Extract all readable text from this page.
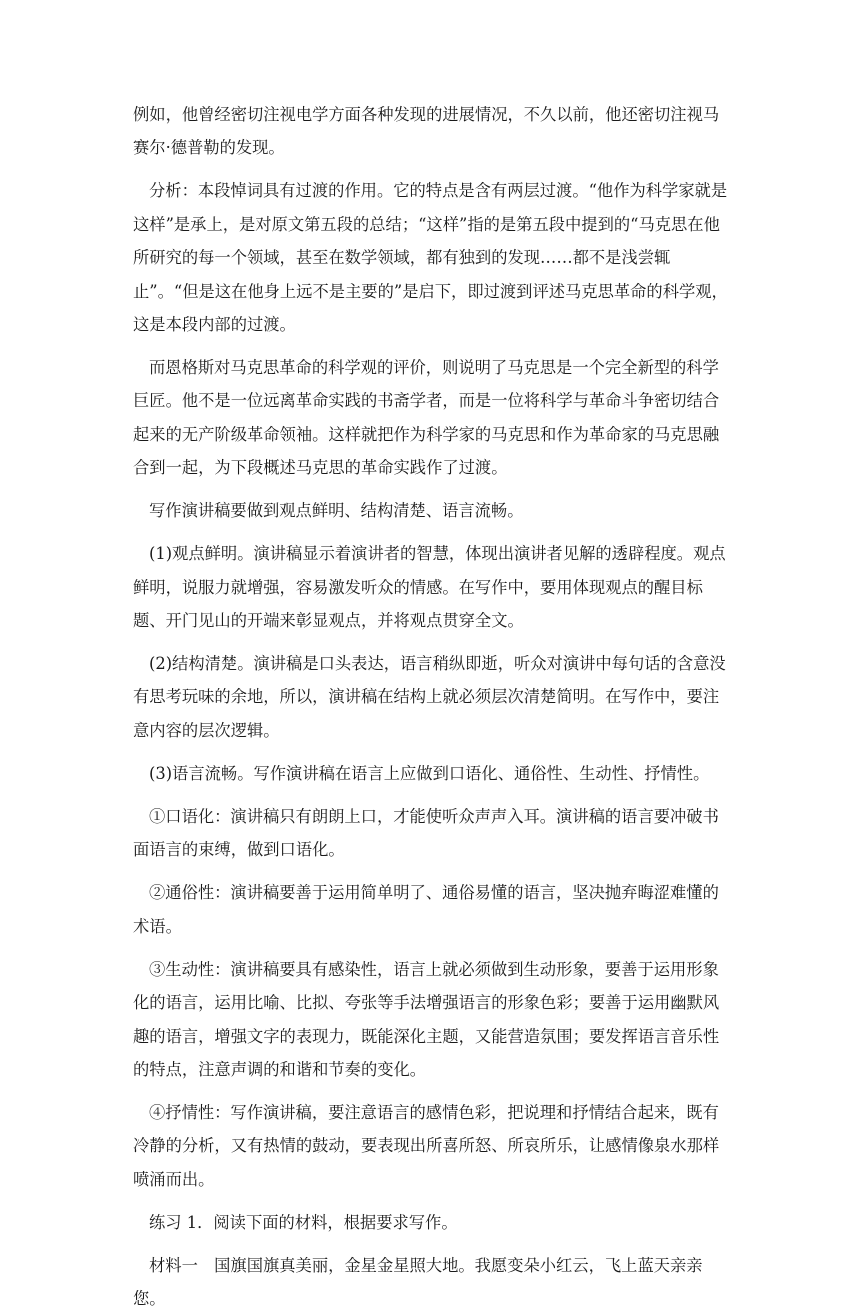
例如，他曾经密切注视电学方面各种发现的进展情况，不久以前，他还密切注视马赛尔·德普勒的发现。

分析：本段悼词具有过渡的作用。它的特点是含有两层过渡。“他作为科学家就是这样”是承上，是对原文第五段的总结；“这样”指的是第五段中提到的“马克思在他所研究的每一个领域，甚至在数学领域，都有独到的发现……都不是浅尝辄止”。“但是这在他身上远不是主要的”是启下，即过渡到评述马克思革命的科学观，这是本段内部的过渡。

而恩格斯对马克思革命的科学观的评价，则说明了马克思是一个完全新型的科学巨匠。他不是一位远离革命实践的书斋学者，而是一位将科学与革命斗争密切结合起来的无产阶级革命领袖。这样就把作为科学家的马克思和作为革命家的马克思融合到一起，为下段概述马克思的革命实践作了过渡。

写作演讲稿要做到观点鲜明、结构清楚、语言流畅。

(1)观点鲜明。演讲稿显示着演讲者的智慧，体现出演讲者见解的透辟程度。观点鲜明，说服力就增强，容易激发听众的情感。在写作中，要用体现观点的醒目标题、开门见山的开端来彰显观点，并将观点贯穿全文。

(2)结构清楚。演讲稿是口头表达，语言稍纵即逝，听众对演讲中每句话的含意没有思考玩味的余地，所以，演讲稿在结构上就必须层次清楚简明。在写作中，要注意内容的层次逻辑。

(3)语言流畅。写作演讲稿在语言上应做到口语化、通俗性、生动性、抒情性。

①口语化：演讲稿只有朗朗上口，才能使听众声声入耳。演讲稿的语言要冲破书面语言的束缚，做到口语化。

②通俗性：演讲稿要善于运用简单明了、通俗易懂的语言，坚决抛弃晦涩难懂的术语。

③生动性：演讲稿要具有感染性，语言上就必须做到生动形象，要善于运用形象化的语言，运用比喻、比拟、夸张等手法增强语言的形象色彩；要善于运用幽默风趣的语言，增强文字的表现力，既能深化主题，又能营造氛围；要发挥语言音乐性的特点，注意声调的和谐和节奏的变化。

④抒情性：写作演讲稿，要注意语言的感情色彩，把说理和抒情结合起来，既有冷静的分析，又有热情的鼓动，要表现出所喜所怒、所哀所乐，让感情像泉水那样喷涌而出。

练习 1．阅读下面的材料，根据要求写作。

材料一　国旗国旗真美丽，金星金星照大地。我愿变朵小红云，飞上蓝天亲亲您。
